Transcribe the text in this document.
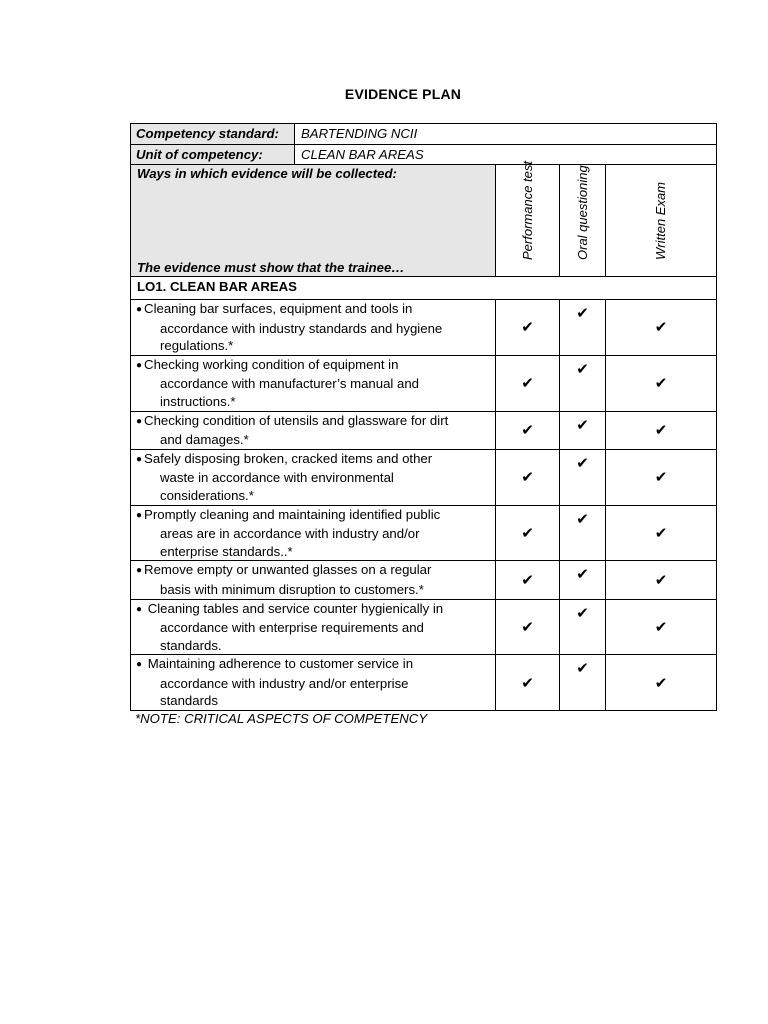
EVIDENCE PLAN
Competency standard:	BARTENDING NCII			
Unit of competency:	CLEAN BAR AREAS			

Ways in which evidence will be collected:
The evidence must show that the trainee…		Performance test	Oral questioning	Written Exam

LO1. CLEAN BAR AREAS				

● Cleaning bar surfaces, equipment and tools in
accordance with industry standards and hygiene
regulations.*		✔	✔	✔

● Checking working condition of equipment in
accordance with manufacturer’s manual and
instructions.*		✔	✔	✔

● Checking condition of utensils and glassware for dirt
and damages.*		✔	✔	✔

● Safely disposing broken, cracked items and other
waste in accordance with environmental
considerations.*		✔	✔	✔

● Promptly cleaning and maintaining identified public
areas are in accordance with industry and/or
enterprise standards..*		✔	✔	✔

● Remove empty or unwanted glasses on a regular
basis with minimum disruption to customers.*		✔	✔	✔

● Cleaning tables and service counter hygienically in
accordance with enterprise requirements and
standards.		✔	✔	✔

● Maintaining adherence to customer service in
accordance with industry and/or enterprise
standards		✔	✔	✔
*NOTE: CRITICAL ASPECTS OF COMPETENCY
